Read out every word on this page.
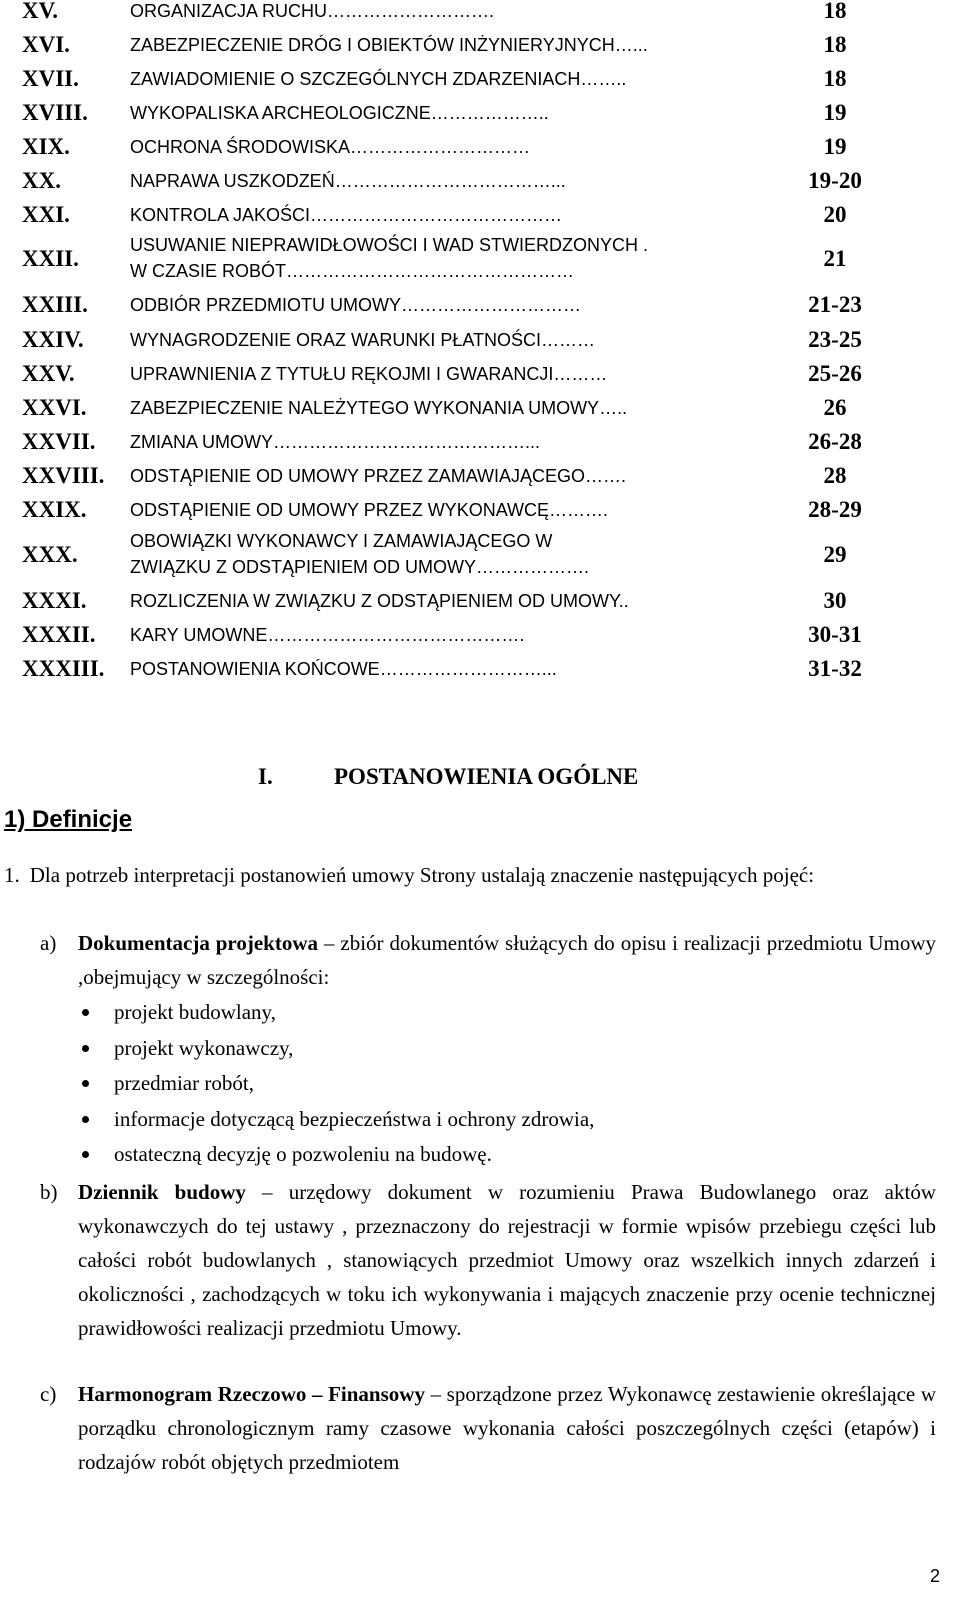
XV.	ORGANIZACJA RUCHU……………………….	18
XVI.	ZABEZPIECZENIE DRÓG I OBIEKTÓW INŻYNIERYJNYCH…...	18
XVII.	ZAWIADOMIENIE O SZCZEGÓLNYCH ZDARZENIACH……..	18
XVIII. WYKOPALISKA ARCHEOLOGICZNE………………..	19
XIX.	OCHRONA ŚRODOWISKA…………………………	19
XX.	NAPRAWA USZKODZEŃ………………………………...	19-20
XXI.	KONTROLA JAKOŚCI……………………………………	20
XXII.
USUWANIE NIEPRAWIDŁOWOŚCI I WAD STWIERDZONYCH .
W CZASIE ROBÓT…………………………………………	21
XXIII. ODBIÓR PRZEDMIOTU UMOWY…………………………	21-23
XXIV.	WYNAGRODZENIE ORAZ WARUNKI PŁATNOŚCI………	23-25
XXV.	UPRAWNIENIA Z TYTUŁU RĘKOJMI I GWARANCJI………	25-26
XXVI. ZABEZPIECZENIE NALEŻYTEGO WYKONANIA UMOWY…..	26
XXVII. ZMIANA UMOWY……………………………………...	26-28
XXVIII. ODSTĄPIENIE OD UMOWY PRZEZ ZAMAWIAJĄCEGO…….	28
XXIX. ODSTĄPIENIE OD UMOWY PRZEZ WYKONAWCĘ……….	28-29
XXX.
OBOWIĄZKI WYKONAWCY I ZAMAWIAJĄCEGO W
ZWIĄZKU Z ODSTĄPIENIEM OD UMOWY……………….	29
XXXI. ROZLICZENIA W ZWIĄZKU Z ODSTĄPIENIEM OD UMOWY..	30
XXXII. KARY UMOWNE…………………………………….	30-31
XXXIII. POSTANOWIENIA KOŃCOWE………………………...	31-32
I.	POSTANOWIENIA OGÓLNE
1) Definicje
1. Dla potrzeb interpretacji postanowień umowy Strony ustalają znaczenie następujących pojęć:
a) Dokumentacja projektowa – zbiór dokumentów służących do opisu i realizacji przedmiotu Umowy ,obejmujący w szczególności:
projekt budowlany,
projekt wykonawczy,
przedmiar robót,
informacje dotyczącą bezpieczeństwa i ochrony zdrowia,
ostateczną decyzję o pozwoleniu na budowę.
b) Dziennik budowy – urzędowy dokument w rozumieniu Prawa Budowlanego oraz aktów wykonawczych do tej ustawy , przeznaczony do rejestracji w formie wpisów przebiegu części lub całości robót budowlanych , stanowiących przedmiot Umowy oraz wszelkich innych zdarzeń i okoliczności , zachodzących w toku ich wykonywania i mających znaczenie przy ocenie technicznej prawidłowości realizacji przedmiotu Umowy.
c) Harmonogram Rzeczowo – Finansowy – sporządzone przez Wykonawcę zestawienie określające w porządku chronologicznym ramy czasowe wykonania całości poszczególnych części (etapów) i rodzajów robót objętych przedmiotem
2
